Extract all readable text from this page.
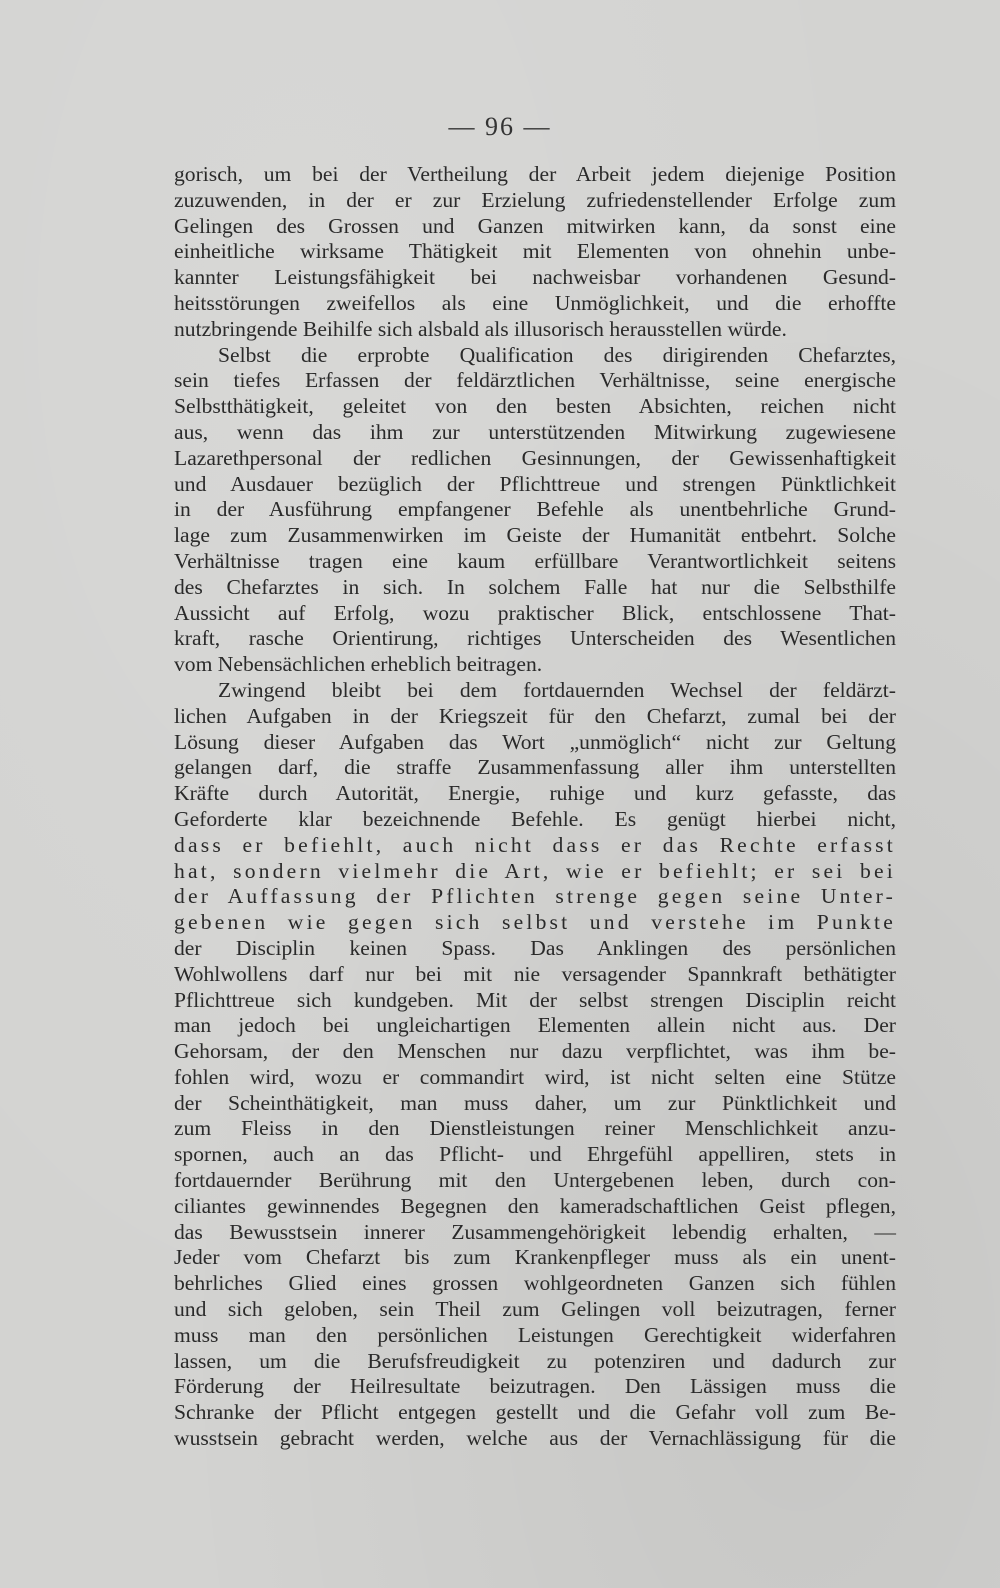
— 96 —
gorisch, um bei der Vertheilung der Arbeit jedem diejenige Position
zuzuwenden, in der er zur Erzielung zufriedenstellender Erfolge zum
Gelingen des Grossen und Ganzen mitwirken kann, da sonst eine
einheitliche wirksame Thätigkeit mit Elementen von ohnehin unbe-
kannter Leistungsfähigkeit bei nachweisbar vorhandenen Gesund-
heitsstörungen zweifellos als eine Unmöglichkeit, und die erhoffte
nutzbringende Beihilfe sich alsbald als illusorisch herausstellen würde.
Selbst die erprobte Qualification des dirigirenden Chefarztes,
sein tiefes Erfassen der feldärztlichen Verhältnisse, seine energische
Selbstthätigkeit, geleitet von den besten Absichten, reichen nicht
aus, wenn das ihm zur unterstützenden Mitwirkung zugewiesene
Lazarethpersonal der redlichen Gesinnungen, der Gewissenhaftigkeit
und Ausdauer bezüglich der Pflichttreue und strengen Pünktlichkeit
in der Ausführung empfangener Befehle als unentbehrliche Grund-
lage zum Zusammenwirken im Geiste der Humanität entbehrt. Solche
Verhältnisse tragen eine kaum erfüllbare Verantwortlichkeit seitens
des Chefarztes in sich. In solchem Falle hat nur die Selbsthilfe
Aussicht auf Erfolg, wozu praktischer Blick, entschlossene That-
kraft, rasche Orientirung, richtiges Unterscheiden des Wesentlichen
vom Nebensächlichen erheblich beitragen.
Zwingend bleibt bei dem fortdauernden Wechsel der feldärzt-
lichen Aufgaben in der Kriegszeit für den Chefarzt, zumal bei der
Lösung dieser Aufgaben das Wort „unmöglich“ nicht zur Geltung
gelangen darf, die straffe Zusammenfassung aller ihm unterstellten
Kräfte durch Autorität, Energie, ruhige und kurz gefasste, das
Geforderte klar bezeichnende Befehle. Es genügt hierbei nicht,
dass er befiehlt, auch nicht dass er das Rechte erfasst
hat, sondern vielmehr die Art, wie er befiehlt; er sei bei
der Auffassung der Pflichten strenge gegen seine Unter-
gebenen wie gegen sich selbst und verstehe im Punkte
der Disciplin keinen Spass. Das Anklingen des persönlichen
Wohlwollens darf nur bei mit nie versagender Spannkraft bethätigter
Pflichttreue sich kundgeben. Mit der selbst strengen Disciplin reicht
man jedoch bei ungleichartigen Elementen allein nicht aus. Der
Gehorsam, der den Menschen nur dazu verpflichtet, was ihm be-
fohlen wird, wozu er commandirt wird, ist nicht selten eine Stütze
der Scheinthätigkeit, man muss daher, um zur Pünktlichkeit und
zum Fleiss in den Dienstleistungen reiner Menschlichkeit anzu-
spornen, auch an das Pflicht- und Ehrgefühl appelliren, stets in
fortdauernder Berührung mit den Untergebenen leben, durch con-
ciliantes gewinnendes Begegnen den kameradschaftlichen Geist pflegen,
das Bewusstsein innerer Zusammengehörigkeit lebendig erhalten, —
Jeder vom Chefarzt bis zum Krankenpfleger muss als ein unent-
behrliches Glied eines grossen wohlgeordneten Ganzen sich fühlen
und sich geloben, sein Theil zum Gelingen voll beizutragen, ferner
muss man den persönlichen Leistungen Gerechtigkeit widerfahren
lassen, um die Berufsfreudigkeit zu potenziren und dadurch zur
Förderung der Heilresultate beizutragen. Den Lässigen muss die
Schranke der Pflicht entgegen gestellt und die Gefahr voll zum Be-
wusstsein gebracht werden, welche aus der Vernachlässigung für die
